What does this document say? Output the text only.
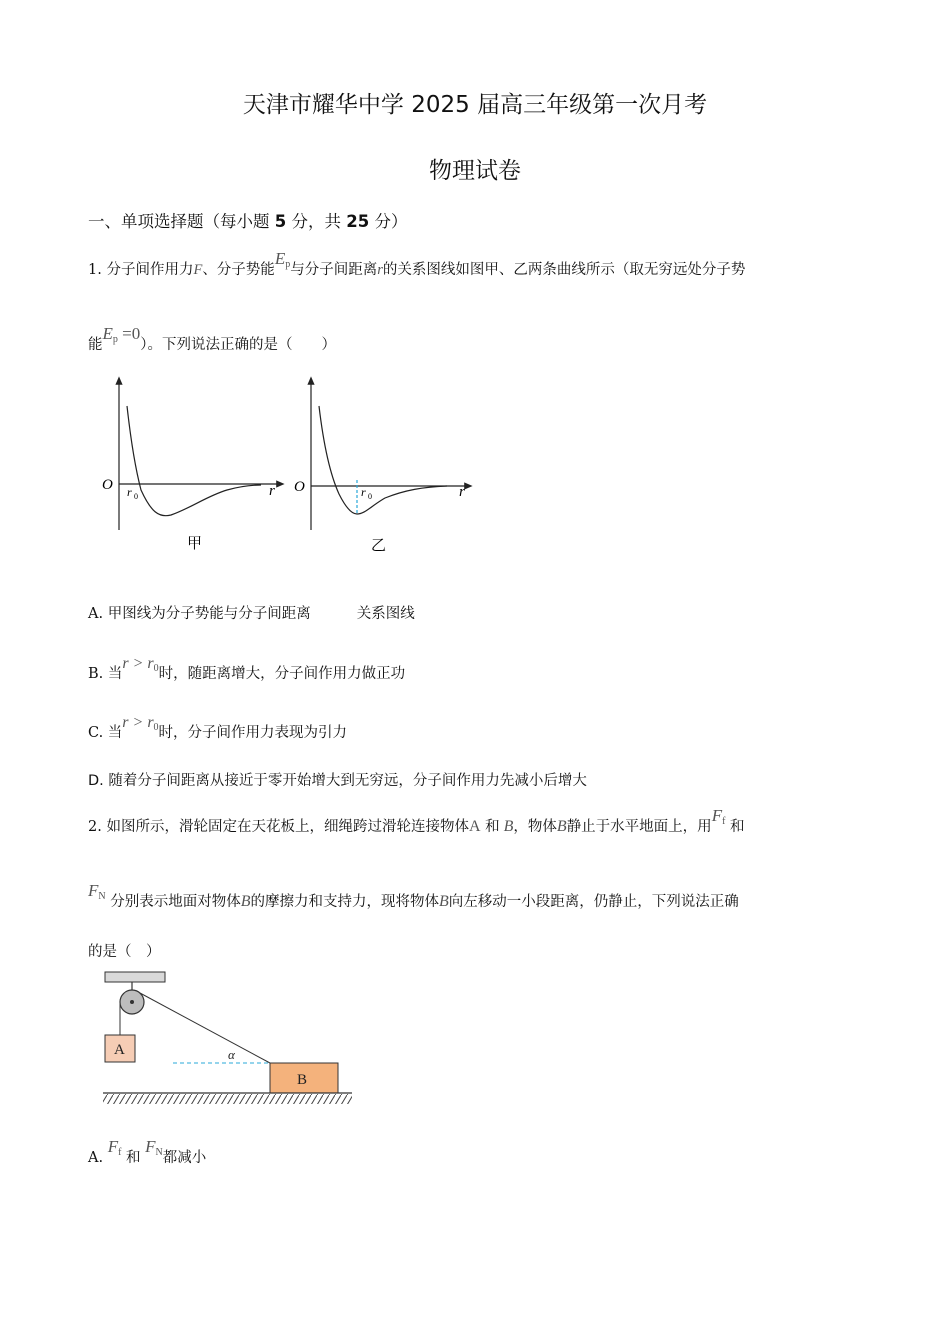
天津市耀华中学 2025 届高三年级第一次月考
物理试卷
一、单项选择题（每小题 5 分，共 25 分）
1. 分子间作用力F、分子势能$E_p$与分子间距离r的关系图线如图甲、乙两条曲线所示（取无穷远处分子势
能$E_p =0$）。下列说法正确的是（　　）
O	r
r 0
甲
O	r
r 0
乙
A. 甲图线为分子势能与分子间距离	关系图线
B. 当$r > r_0$时，随距离增大，分子间作用力做正功
C. 当$r > r_0$时，分子间作用力表现为引力
D. 随着分子间距离从接近于零开始增大到无穷远，分子间作用力先减小后增大
2. 如图所示，滑轮固定在天花板上，细绳跨过滑轮连接物体A 和 B，物体B静止于水平地面上，用$F_f$ 和
$F_N$ 分别表示地面对物体B的摩擦力和支持力，现将物体B向左移动一小段距离，仍静止，下列说法正确
的是（　）
A	α
B
A. $F_f$ 和 $F_N$都减小
